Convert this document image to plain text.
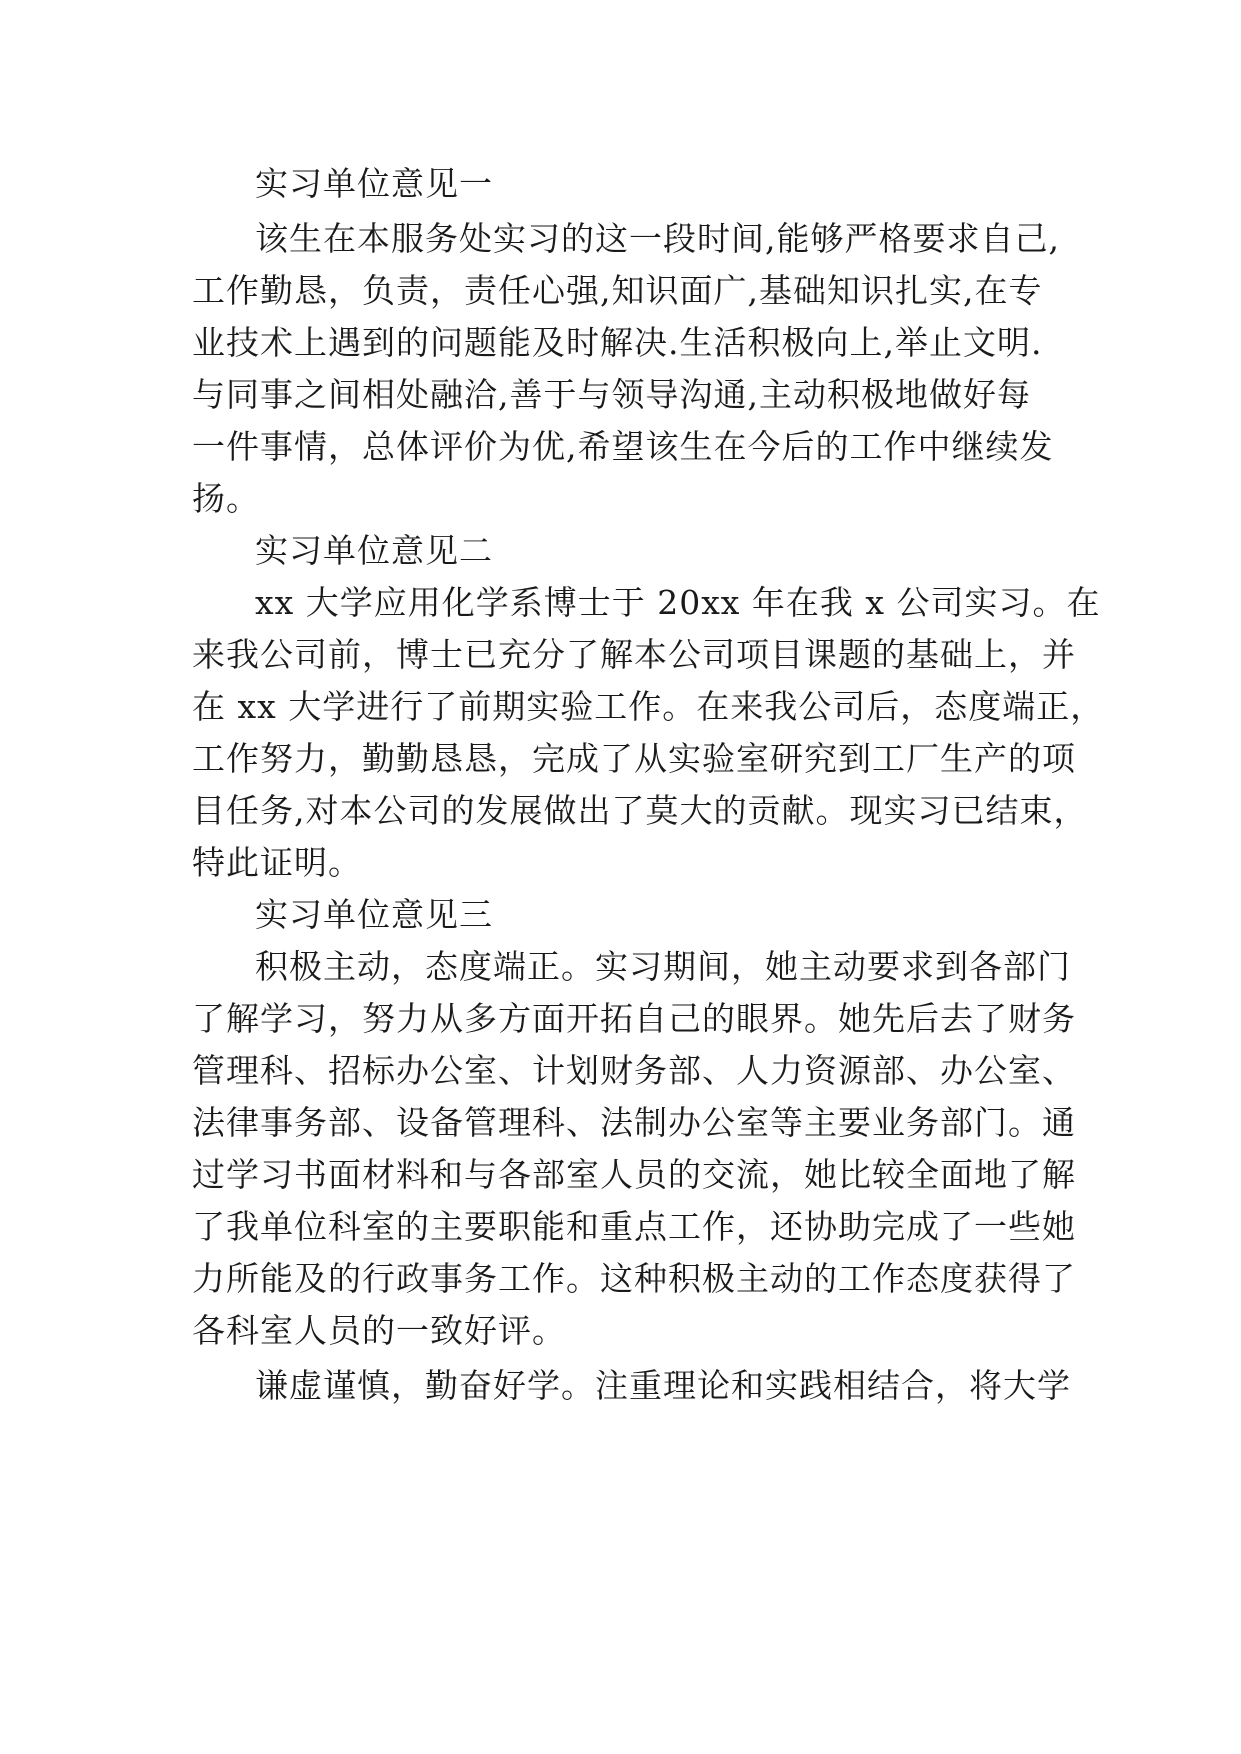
实习单位意见一
该生在本服务处实习的这一段时间,能够严格要求自己,
工作勤恳，负责，责任心强,知识面广,基础知识扎实,在专
业技术上遇到的问题能及时解决.生活积极向上,举止文明.
与同事之间相处融洽,善于与领导沟通,主动积极地做好每
一件事情，总体评价为优,希望该生在今后的工作中继续发
扬。
实习单位意见二
xx 大学应用化学系博士于 20xx 年在我 x 公司实习。在
来我公司前，博士已充分了解本公司项目课题的基础上，并
在 xx 大学进行了前期实验工作。在来我公司后，态度端正，
工作努力，勤勤恳恳，完成了从实验室研究到工厂生产的项
目任务,对本公司的发展做出了莫大的贡献。现实习已结束，
特此证明。
实习单位意见三
积极主动，态度端正。实习期间，她主动要求到各部门
了解学习，努力从多方面开拓自己的眼界。她先后去了财务
管理科、招标办公室、计划财务部、人力资源部、办公室、
法律事务部、设备管理科、法制办公室等主要业务部门。通
过学习书面材料和与各部室人员的交流，她比较全面地了解
了我单位科室的主要职能和重点工作，还协助完成了一些她
力所能及的行政事务工作。这种积极主动的工作态度获得了
各科室人员的一致好评。
谦虚谨慎，勤奋好学。注重理论和实践相结合，将大学
